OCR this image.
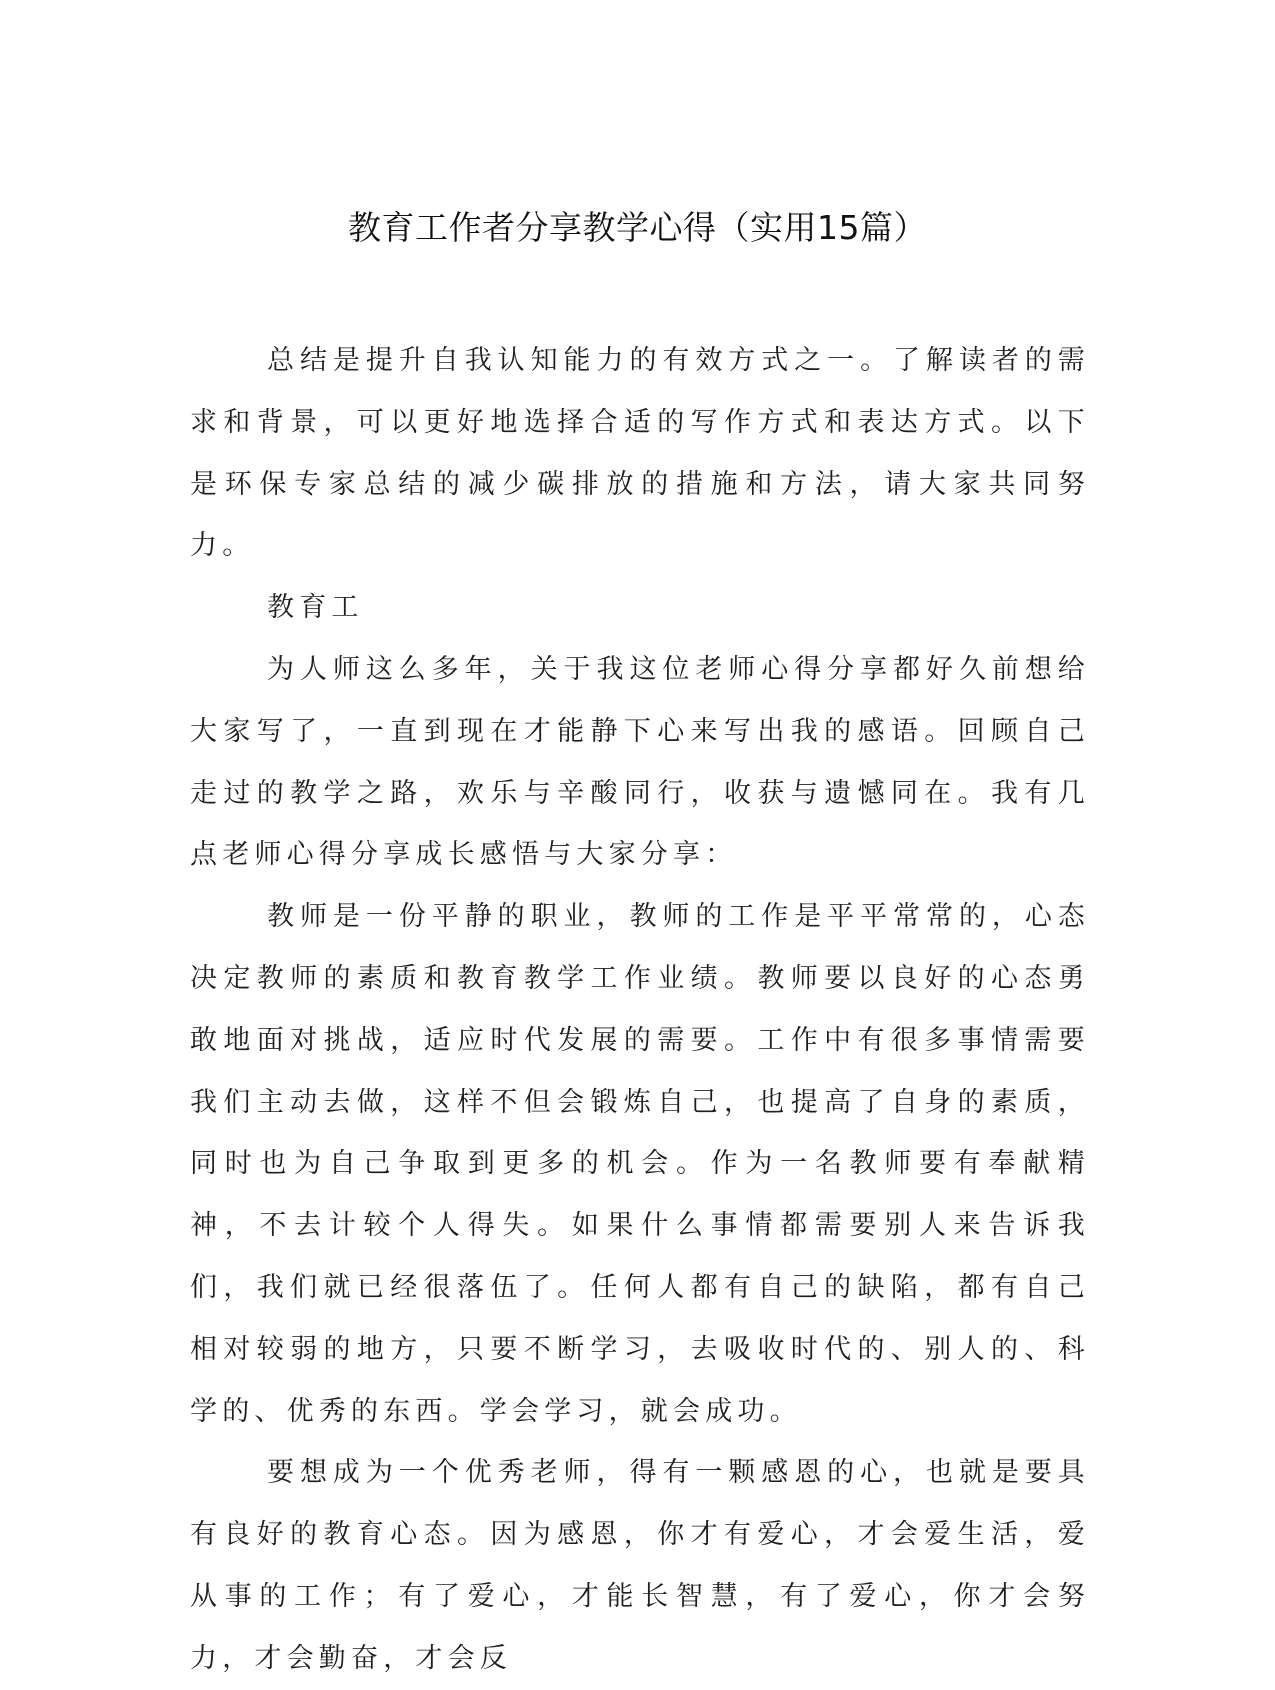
教育工作者分享教学心得（实用15篇）

总结是提升自我认知能力的有效方式之一。了解读者的需求和背景，可以更好地选择合适的写作方式和表达方式。以下是环保专家总结的减少碳排放的措施和方法，请大家共同努力。

教育工

为人师这么多年，关于我这位老师心得分享都好久前想给大家写了，一直到现在才能静下心来写出我的感语。回顾自己走过的教学之路，欢乐与辛酸同行，收获与遗憾同在。我有几点老师心得分享成长感悟与大家分享：

教师是一份平静的职业，教师的工作是平平常常的，心态决定教师的素质和教育教学工作业绩。教师要以良好的心态勇敢地面对挑战，适应时代发展的需要。工作中有很多事情需要我们主动去做，这样不但会锻炼自己，也提高了自身的素质，同时也为自己争取到更多的机会。作为一名教师要有奉献精神，不去计较个人得失。如果什么事情都需要别人来告诉我们，我们就已经很落伍了。任何人都有自己的缺陷，都有自己相对较弱的地方，只要不断学习，去吸收时代的、别人的、科学的、优秀的东西。学会学习，就会成功。

要想成为一个优秀老师，得有一颗感恩的心，也就是要具有良好的教育心态。因为感恩，你才有爱心，才会爱生活，爱从事的工作；有了爱心，才能长智慧，有了爱心，你才会努力，才会勤奋，才会反
